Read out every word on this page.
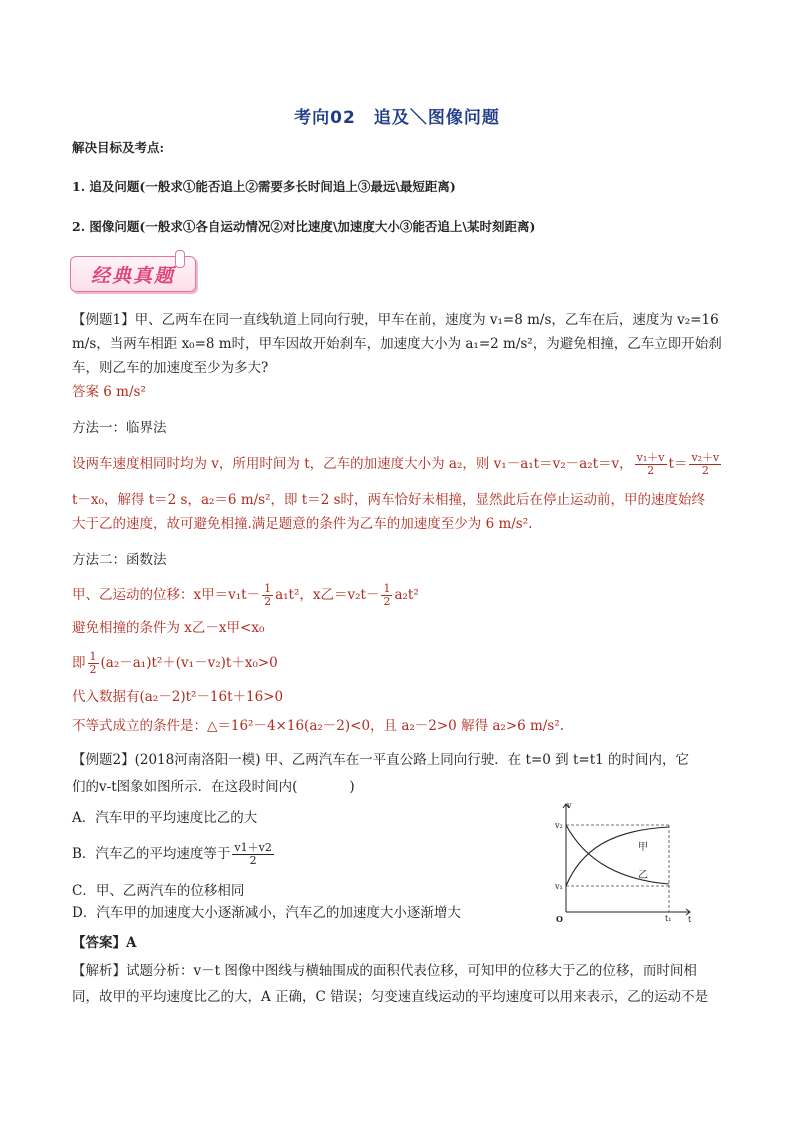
考向02　追及＼图像问题
解决目标及考点:
1. 追及问题(一般求①能否追上②需要多长时间追上③最远\最短距离)
2. 图像问题(一般求①各自运动情况②对比速度\加速度大小③能否追上\某时刻距离)
经典真题
【例题1】甲、乙两车在同一直线轨道上同向行驶，甲车在前，速度为 v₁=8 m/s，乙车在后，速度为 v₂=16
m/s，当两车相距 x₀=8 m时，甲车因故开始刹车，加速度大小为 a₁=2 m/s²，为避免相撞，乙车立即开始刹
车，则乙车的加速度至少为多大?
答案 6 m/s²
方法一：临界法
设两车速度相同时均为 v，所用时间为 t，乙车的加速度大小为 a₂，则 v₁－a₁t＝v₂－a₂t＝v， $\frac{\text{v₁＋v}}{2} t= \frac{\text{v₂＋v}}{2}$
t－x₀，解得 t＝2 s，a₂＝6 m/s²，即 t＝2 s时，两车恰好未相撞，显然此后在停止运动前，甲的速度始终
大于乙的速度，故可避免相撞.满足题意的条件为乙车的加速度至少为 6 m/s².
方法二：函数法
甲、乙运动的位移：x甲$=v_1t- \frac{1}{2} a_1t^2$，x乙$=v_2t- \frac{1}{2} a_2t^2$
避免相撞的条件为 x乙－x甲<x₀
即 $\frac{1}{2} (a_2-a_1)t^2+(v_1-v_2)t+x_0>0$
代入数据有(a₂－2)t²－16t＋16>0
不等式成立的条件是：△＝16²－4×16(a₂－2)<0，且 a₂－2>0 解得 a₂>6 m/s².
【例题2】(2018河南洛阳一模) 甲、乙两汽车在一平直公路上同向行驶．在 t=0 到 t=t1 的时间内，它
们的v-t图象如图所示．在这段时间内(	)
A．汽车甲的平均速度比乙的大
B．汽车乙的平均速度等于 $\frac{v1+v2}{2}$
C．甲、乙两汽车的位移相同
D．汽车甲的加速度大小逐渐减小，汽车乙的加速度大小逐渐增大
【答案】A
【解析】试题分析：v－t 图像中图线与横轴围成的面积代表位移，可知甲的位移大于乙的位移，而时间相
同，故甲的平均速度比乙的大，A 正确，C 错误；匀变速直线运动的平均速度可以用来表示，乙的运动不是
v
t
O
v₂
v₁
t₁
甲
乙
